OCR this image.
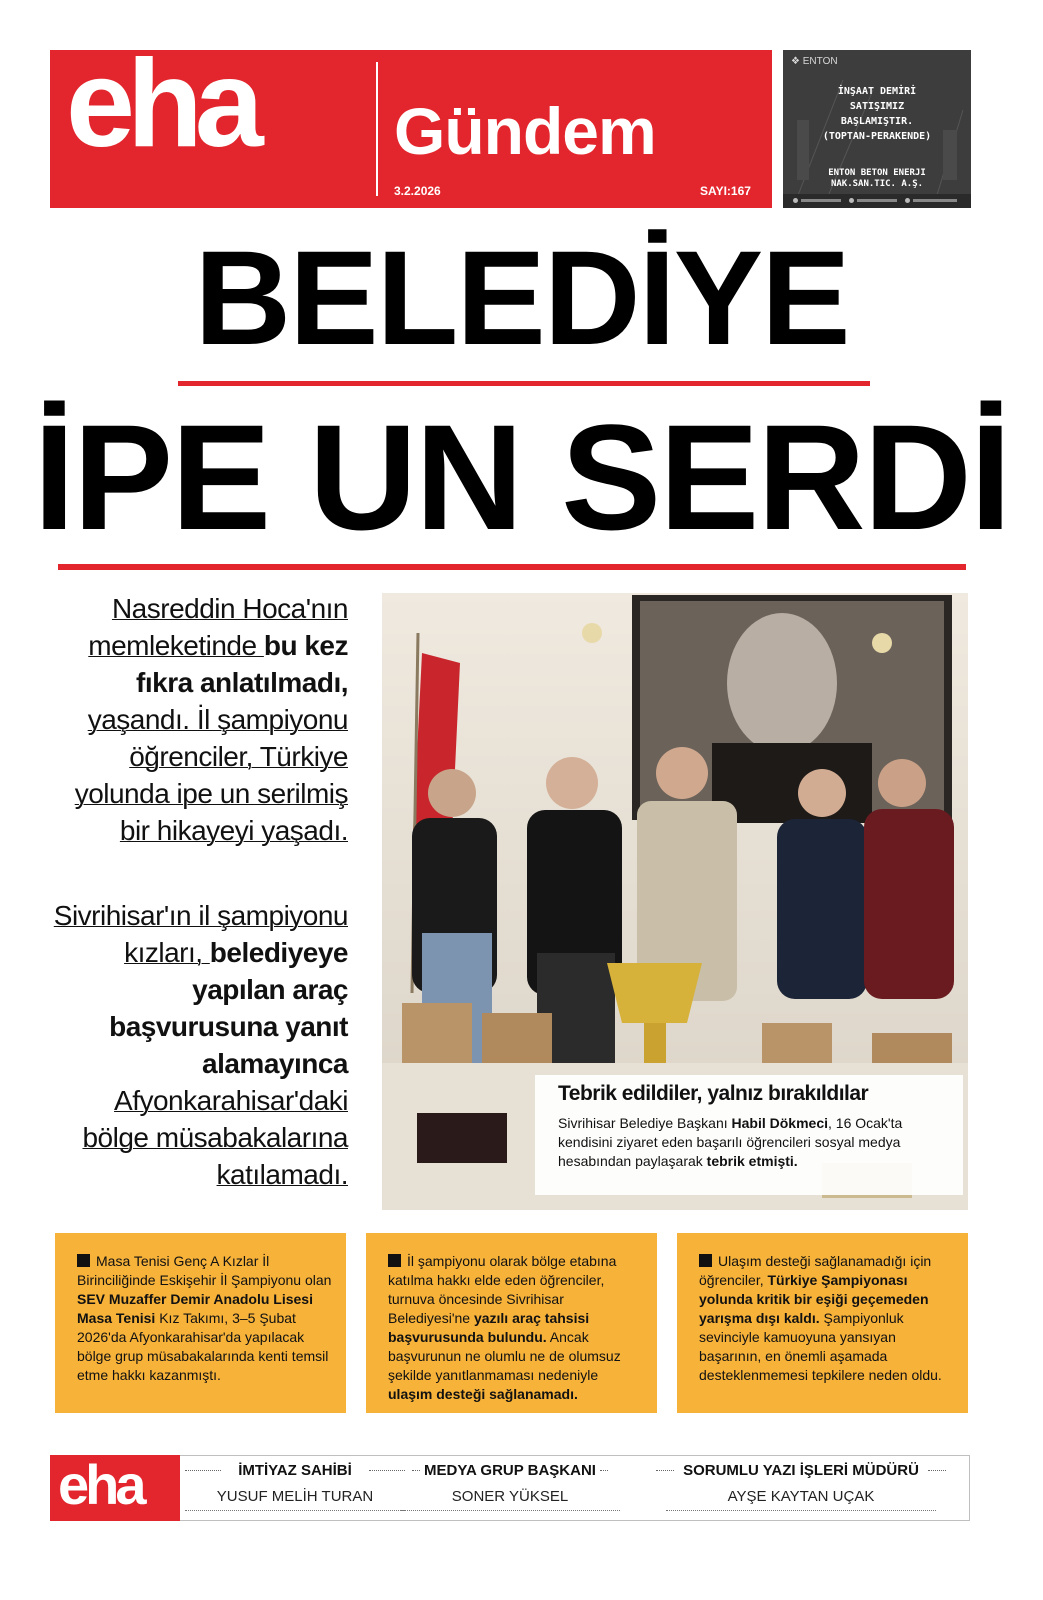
eha Gündem
3.2.2026	SAYI:167
❖ ENTON
İNŞAAT DEMİRİ
SATIŞIMIZ
BAŞLAMIŞTIR.
(TOPTAN-PERAKENDE)
ENTON BETON ENERJI
NAK.SAN.TIC. A.Ş.
BELEDİYE
İPE UN SERDİ
Nasreddin Hoca'nın memleketinde bu kez fıkra anlatılmadı, yaşandı. İl şampiyonu öğrenciler, Türkiye yolunda ipe un serilmiş bir hikayeyi yaşadı.
Sivrihisar'ın il şampiyonu kızları, belediyeye yapılan araç başvurusuna yanıt alamayınca Afyonkarahisar'daki bölge müsabakalarına katılamadı.
Tebrik edildiler, yalnız bırakıldılar
Sivrihisar Belediye Başkanı Habil Dökmeci, 16 Ocak'ta kendisini ziyaret eden başarılı öğrencileri sosyal medya hesabından paylaşarak tebrik etmişti.
Masa Tenisi Genç A Kızlar İl Birinciliğinde Eskişehir İl Şampiyonu olan SEV Muzaffer Demir Anadolu Lisesi Masa Tenisi Kız Takımı, 3–5 Şubat 2026'da Afyonkarahisar'da yapılacak bölge grup müsabakalarında kenti temsil etme hakkı kazanmıştı.
İl şampiyonu olarak bölge etabına katılma hakkı elde eden öğrenciler, turnuva öncesinde Sivrihisar Belediyesi'ne yazılı araç tahsisi başvurusunda bulundu. Ancak başvurunun ne olumlu ne de olumsuz şekilde yanıtlanmaması nedeniyle ulaşım desteği sağlanamadı.
Ulaşım desteği sağlanamadığı için öğrenciler, Türkiye Şampiyonası yolunda kritik bir eşiği geçemeden yarışma dışı kaldı. Şampiyonluk sevinciyle kamuoyuna yansıyan başarının, en önemli aşamada desteklenmemesi tepkilere neden oldu.
eha	İMTİYAZ SAHİBİ
YUSUF MELİH TURAN
MEDYA GRUP BAŞKANI
SONER YÜKSEL
SORUMLU YAZI İŞLERİ MÜDÜRÜ
AYŞE KAYTAN UÇAK
